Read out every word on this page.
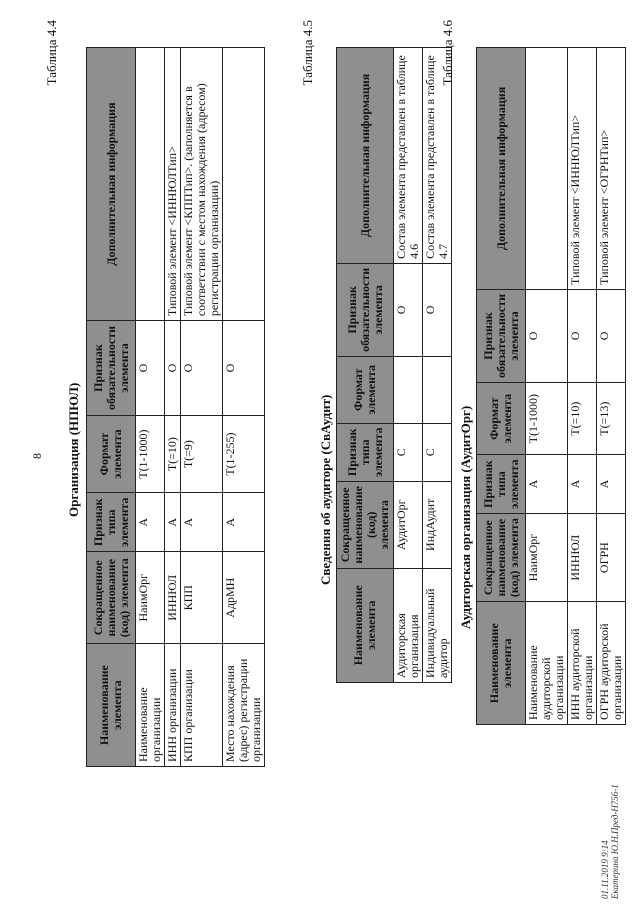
8
Таблица 4.4
Организация (НПЮЛ)
Наименование элемента	Сокращенное наименование (код) элемента	Признак типа элемента	Формат элемента	Признак обязательности элемента	Дополнительная информация
Наименование организации	НаимОрг	А	T(1-1000)	О	
ИНН организации	ИННЮЛ	А	T(=10)	О	Типовой элемент <ИННЮЛТип>
КПП организации	КПП	А	T(=9)	О	Типовой элемент <КППТип>. (заполняется в соответствии с местом нахождения (адресом) регистрации организации)
Место нахождения (адрес) регистрации организации	АдрМН	А	T(1-255)	О	
Таблица 4.5
Сведения об аудиторе (СвАудит)
Наименование элемента	Сокращенное наименование (код) элемента	Признак типа элемента	Формат элемента	Признак обязательности элемента	Дополнительная информация
Аудиторская организация	АудитОрг	С		О	Состав элемента представлен в таблице 4.6
Индивидуальный аудитор	ИндАудит	С		О	Состав элемента представлен в таблице 4.7
Таблица 4.6
Аудиторская организация (АудитОрг)
Наименование элемента	Сокращенное наименование (код) элемента	Признак типа элемента	Формат элемента	Признак обязательности элемента	Дополнительная информация
Наименование аудиторской организации	НаимОрг	А	T(1-1000)	О	
ИНН аудиторской организации	ИННЮЛ	А	T(=10)	О	Типовой элемент <ИННЮЛТип>
ОГРН аудиторской организации	ОГРН	А	T(=13)	О	Типовой элемент <ОГРНТип>
01.11.2019 9:14 Екатерина Ю.Н.Пред-Н756-1
